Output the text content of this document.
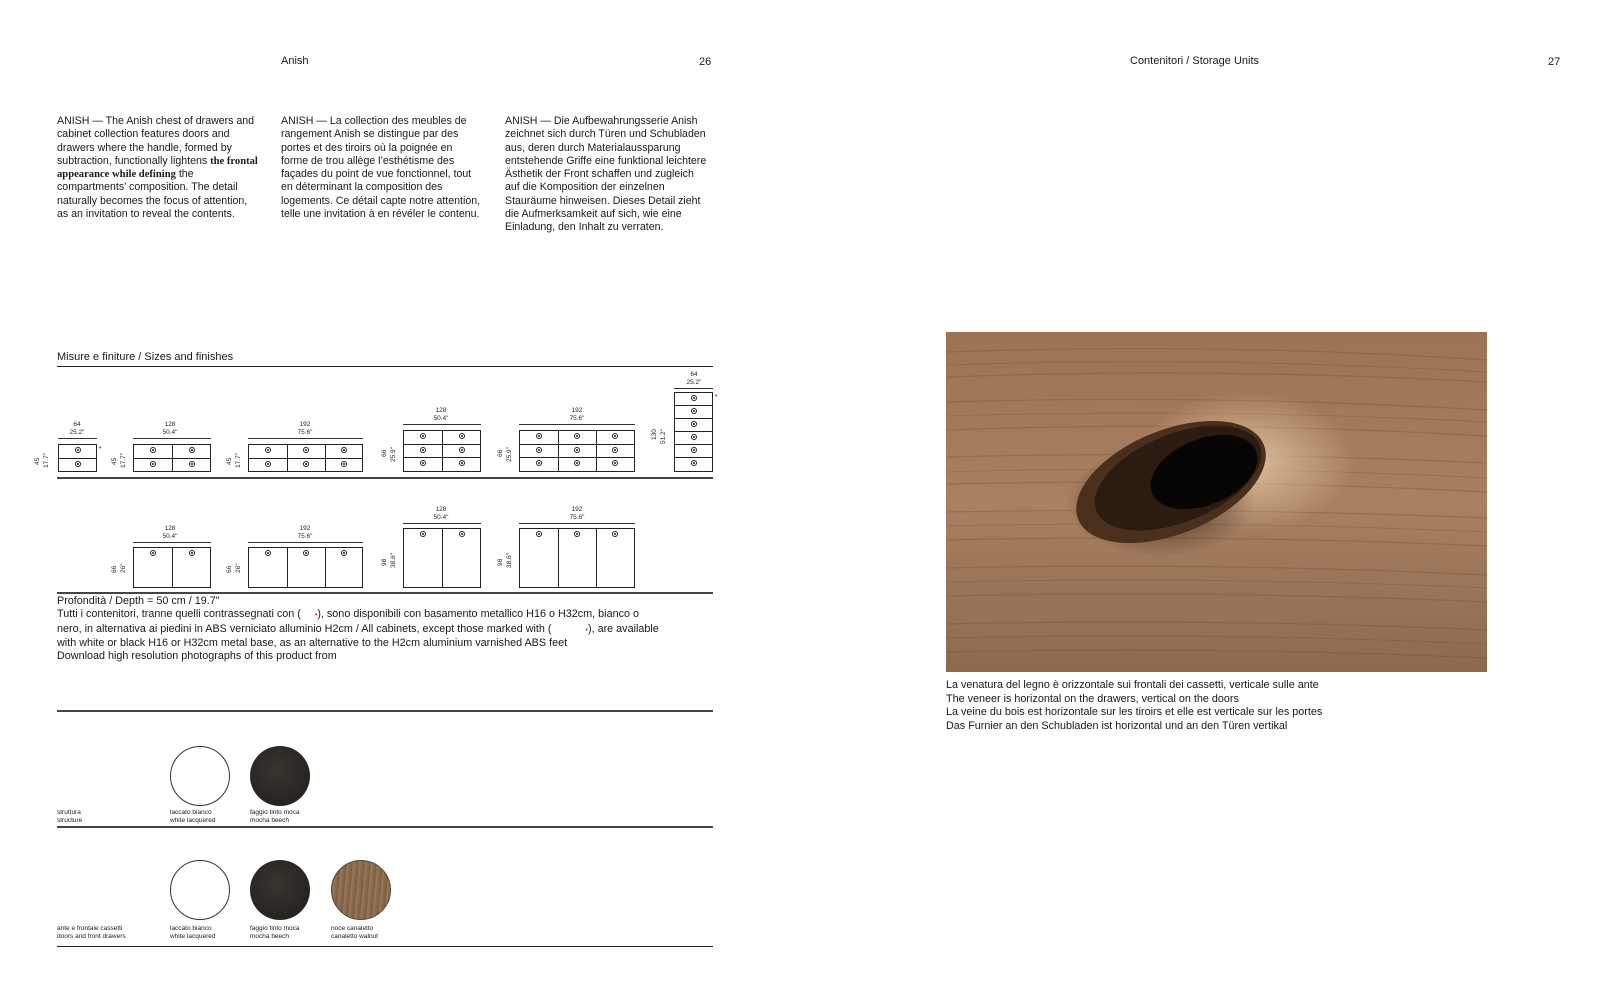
Anish	26
ANISH — The Anish chest of drawers and cabinet collection features doors and drawers where the handle, formed by subtraction, functionally lightens the frontal appearance while defining the compartments’ composition. The detail naturally becomes the focus of attention, as an invitation to reveal the contents.
ANISH — La collection des meubles de rangement Anish se distingue par des portes et des tiroirs où la poignée en forme de trou allège l’esthétisme des façades du point de vue fonctionnel, tout en déterminant la composition des logements. Ce détail capte notre attention, telle une invitation à en révéler le contenu.
ANISH — Die Aufbewahrungsserie Anish zeichnet sich durch Türen und Schubladen aus, deren durch Materialaussparung entstehende Griffe eine funktional leichtere Ästhetik der Front schaffen und zugleich auf die Komposition der einzelnen Stauräume hinweisen. Dieses Detail zieht die Aufmerksamkeit auf sich, wie eine Einladung, den Inhalt zu verraten.
Misure e finiture / Sizes and finishes
64
25.2"
45 17.7"
•
128
50.4"
45 17.7"
192
75.6"
45 17.7"
128
50.4"
66 25.9"
192
75.6"
66 25.9"
64
25.2"
130 51.2"
•
128
50.4"
66 26"
192
75.6"
66 26"
128
50.4"
98 38.6"
192
75.6"
98 38.6"
Profondità / Depth = 50 cm / 19.7"
Tutti i contenitori, tranne quelli contrassegnati con ( •), sono disponibili con basamento metallico H16 o H32cm, bianco o
nero, in alternativa ai piedini in ABS verniciato alluminio H2cm / All cabinets, except those marked with (	•), are available
with white or black H16 or H32cm metal base, as an alternative to the H2cm aluminium varnished ABS feet
Download high resolution photographs of this product from
struttura
structure
laccato bianco
white lacquered
faggio tinto moca
mocha beech
ante e frontale cassetti
doors and front drawers
laccato bianco
white lacquered
faggio tinto moca
mocha beech
noce canaletto
canaletto walnut
Contenitori / Storage Units	27
La venatura del legno è orizzontale sui frontali dei cassetti, verticale sulle ante
The veneer is horizontal on the drawers, vertical on the doors
La veine du bois est horizontale sur les tiroirs et elle est verticale sur les portes
Das Furnier an den Schubladen ist horizontal und an den Türen vertikal
